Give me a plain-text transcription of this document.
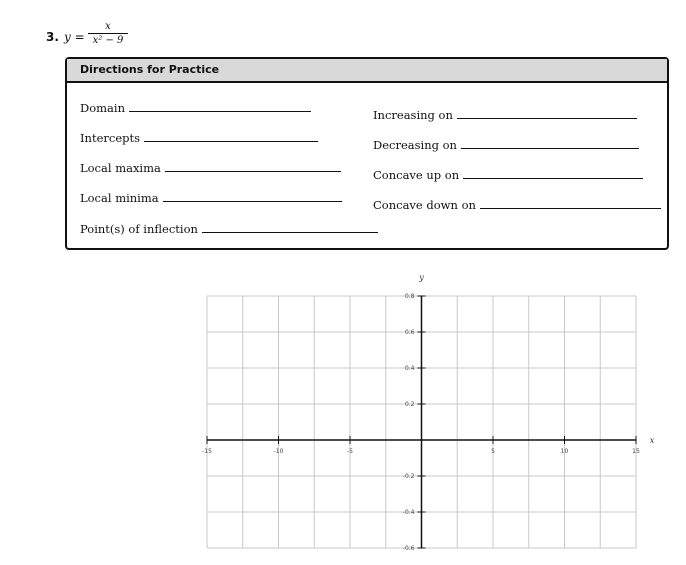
3. $y = \frac{x}{\text{x² − 9}}$
Directions for Practice
Domain
Intercepts
Local maxima
Local minima
Point(s) of inflection
Increasing on
Decreasing on
Concave up on
Concave down on
-15	-10	-5	5	10	15
0.8
0.6
0.4
0.2
-0.2
-0.4
-0.6
x
y
